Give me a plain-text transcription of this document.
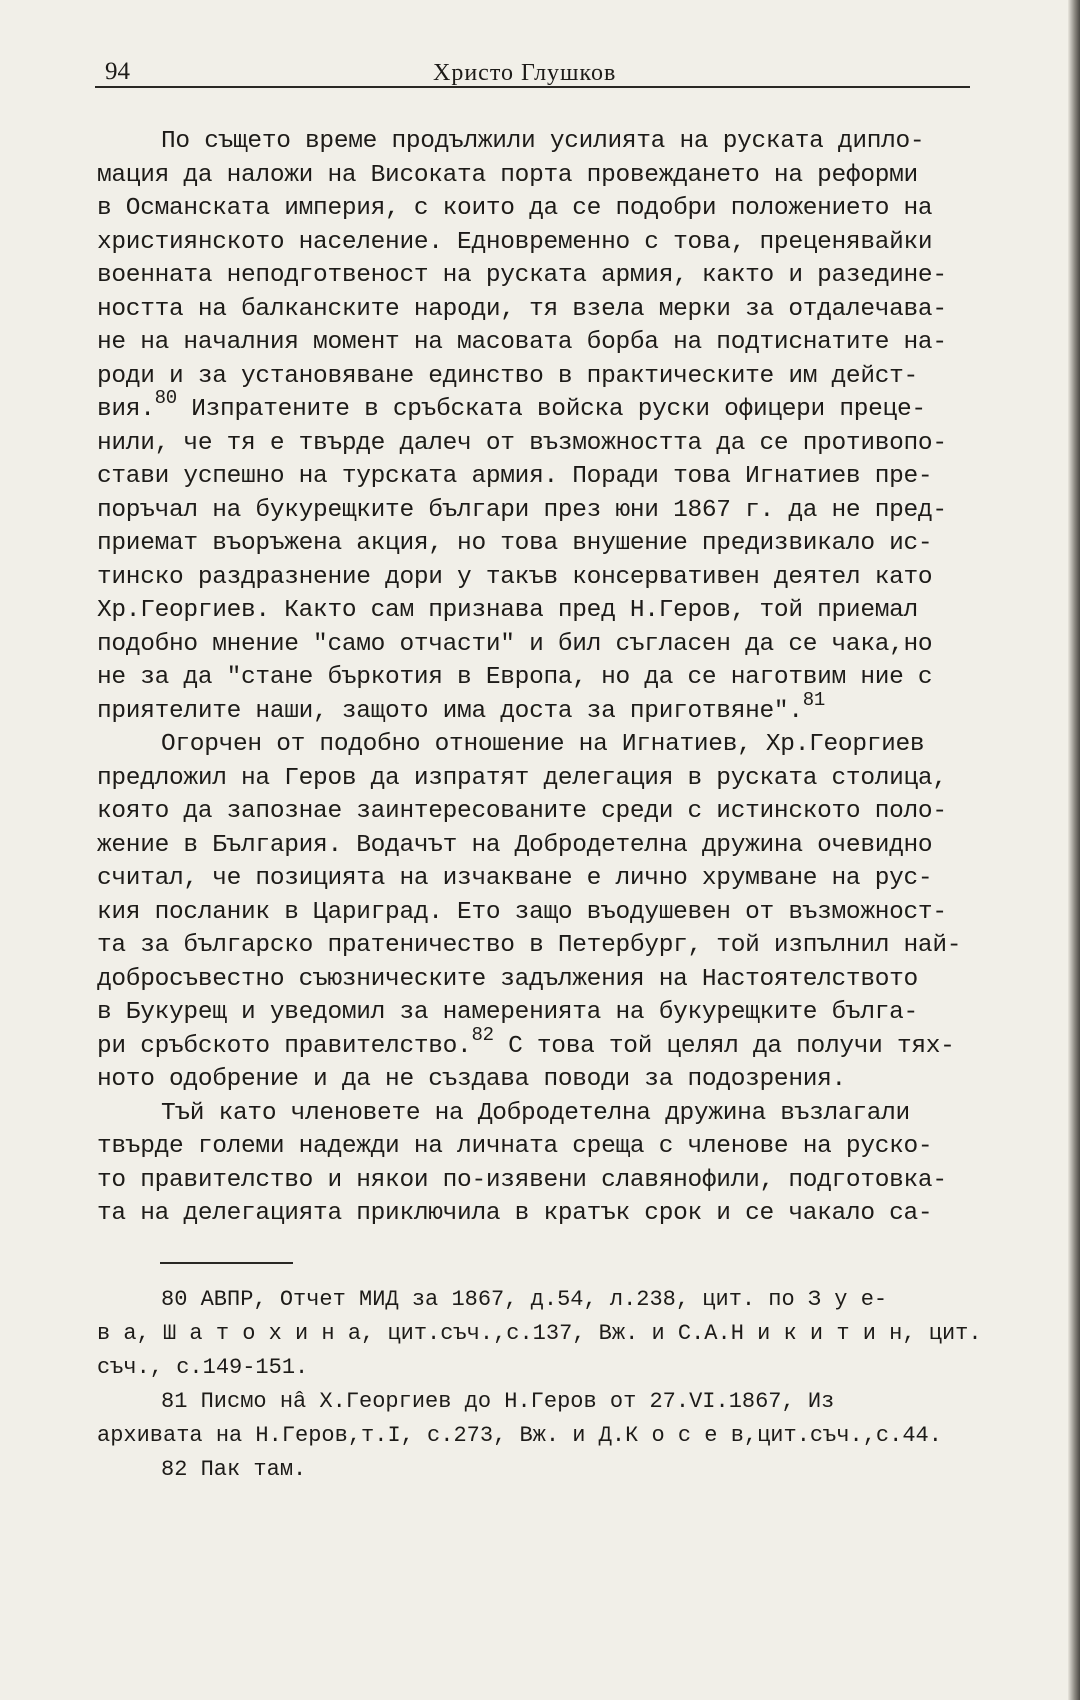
94	Христо Глушков
По същето време продължили усилията на руската дипло-
мация да наложи на Високата порта провеждането на реформи
в Османската империя, с които да се подобри положението на
християнското население. Едновременно с това, преценявайки
военната неподготвеност на руската армия, както и разедине-
ността на балканските народи, тя взела мерки за отдалечава-
не на началния момент на масовата борба на подтиснатите на-
роди и за установяване единство в практическите им дейст-
вия.$^{80}$ Изпратените в сръбската войска руски офицери прецe-
нили, че тя е твърде далеч от възможността да се противопо-
стави успешно на турската армия. Поради това Игнатиев пре-
поръчал на букурещките българи през юни 1867 г. да не пред-
приемат въоръжена акция, но това внушение предизвикало ис-
тинско раздразнение дори у такъв консервативен деятел като
Хр.Георгиев. Както сам признава пред Н.Геров, той приемал
подобно мнение "само отчасти" и бил съгласен да се чака,но
не за да "стане бъркотия в Европа, но да се наготвим ние с
приятелите наши, защото има доста за приготвяне".$^{81}$
Огорчен от подобно отношение на Игнатиев, Хр.Георгиев
предложил на Геров да изпратят делегация в руската столица,
която да запознае заинтересованите среди с истинското поло-
жение в България. Водачът на Добродетелна дружина очевидно
считал, че позицията на изчакване е лично хрумване на рус-
кия посланик в Цариград. Ето защо въодушевен от възможност-
та за българско пратеничество в Петербург, той изпълнил най-
добросъвестно съюзническите задължения на Настоятелството
в Букурещ и уведомил за намеренията на букурещките бълга-
ри сръбското правителство.$^{82}$ С това той целял да получи тях-
ното одобрение и да не създава поводи за подозрения.
Тъй като членовете на Добродетелна дружина възлагали
твърде големи надежди на личната среща с членове на руско-
то правителство и някои по-изявени славянофили, подготовка-
та на делегацията приключила в кратък срок и се чакало са-
80 АВПР, Отчет МИД за 1867, д.54, л.238, цит. по З у е-
в а, Ш а т о х и н а, цит.съч.,с.137, Вж. и С.А.Н и к и т и н, цит.
съч., с.149-151.
81 Писмо нâ Х.Георгиев до Н.Геров от 27.VI.1867, Из
архивата на Н.Геров,т.I, с.273, Вж. и Д.К о с е в,цит.съч.,с.44.
82 Пак там.
